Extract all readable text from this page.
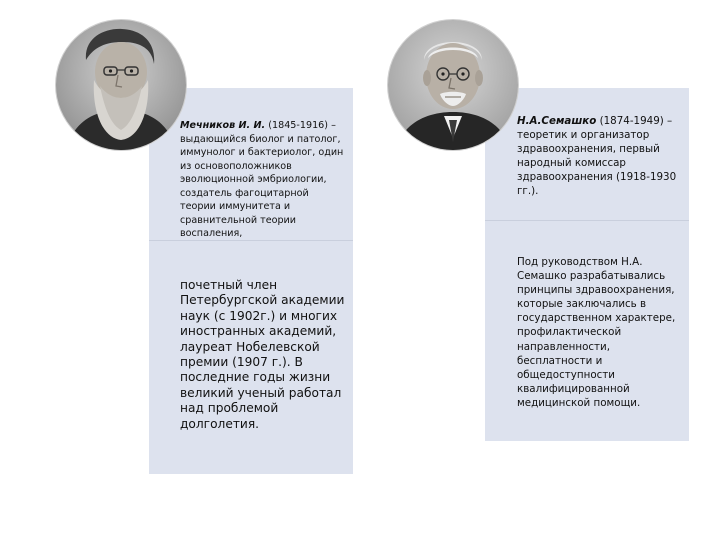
Мечников И. И. (1845-1916) – выдающийся биолог и патолог, иммунолог и бактериолог, один из основоположников эволюционной эмбриологии, создатель фагоцитарной теории иммунитета и сравнительной теории воспаления,
почетный член Петербургской академии наук (с 1902г.) и многих иностранных академий, лауреат Нобелевской премии (1907 г.). В последние годы жизни великий ученый работал над проблемой долголетия.
Н.А.Семашко (1874-1949) – теоретик и организатор здравоохранения, первый народный комиссар здравоохранения (1918-1930 гг.).
Под руководством Н.А. Семашко разрабатывались принципы здравоохранения, которые заключались в государственном характере, профилактической направленности, бесплатности и общедоступности квалифицированной медицинской помощи.
